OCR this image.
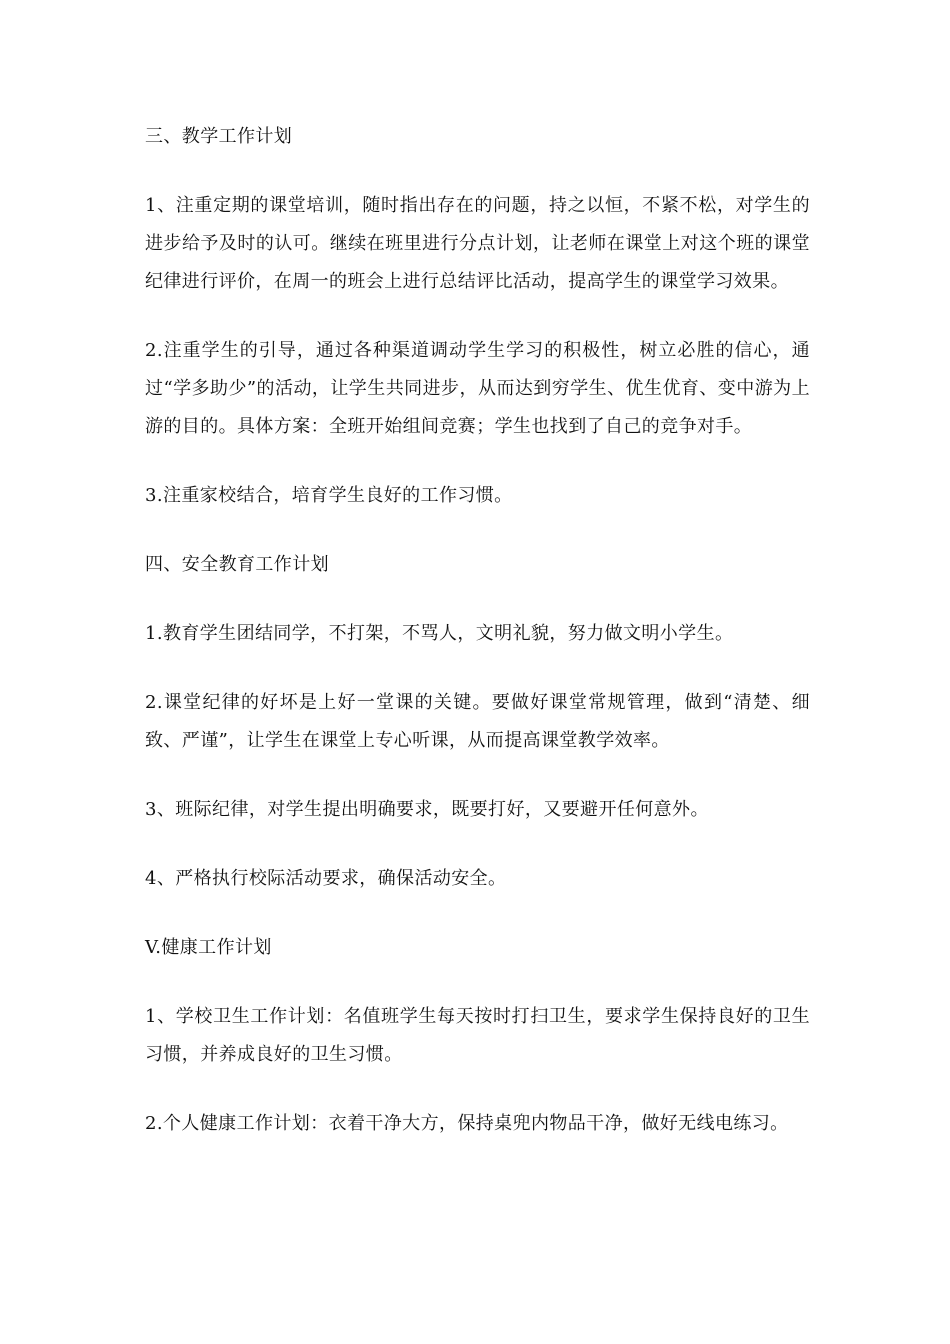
三、教学工作计划

1、注重定期的课堂培训，随时指出存在的问题，持之以恒，不紧不松，对学生的进步给予及时的认可。继续在班里进行分点计划，让老师在课堂上对这个班的课堂纪律进行评价，在周一的班会上进行总结评比活动，提高学生的课堂学习效果。

2.注重学生的引导，通过各种渠道调动学生学习的积极性，树立必胜的信心，通过“学多助少”的活动，让学生共同进步，从而达到穷学生、优生优育、变中游为上游的目的。具体方案：全班开始组间竞赛；学生也找到了自己的竞争对手。

3.注重家校结合，培育学生良好的工作习惯。

四、安全教育工作计划

1.教育学生团结同学，不打架，不骂人，文明礼貌，努力做文明小学生。

2.课堂纪律的好坏是上好一堂课的关键。要做好课堂常规管理，做到“清楚、细致、严谨”，让学生在课堂上专心听课，从而提高课堂教学效率。

3、班际纪律，对学生提出明确要求，既要打好，又要避开任何意外。

4、严格执行校际活动要求，确保活动安全。

V.健康工作计划

1、学校卫生工作计划：名值班学生每天按时打扫卫生，要求学生保持良好的卫生习惯，并养成良好的卫生习惯。

2.个人健康工作计划：衣着干净大方，保持桌兜内物品干净，做好无线电练习。
